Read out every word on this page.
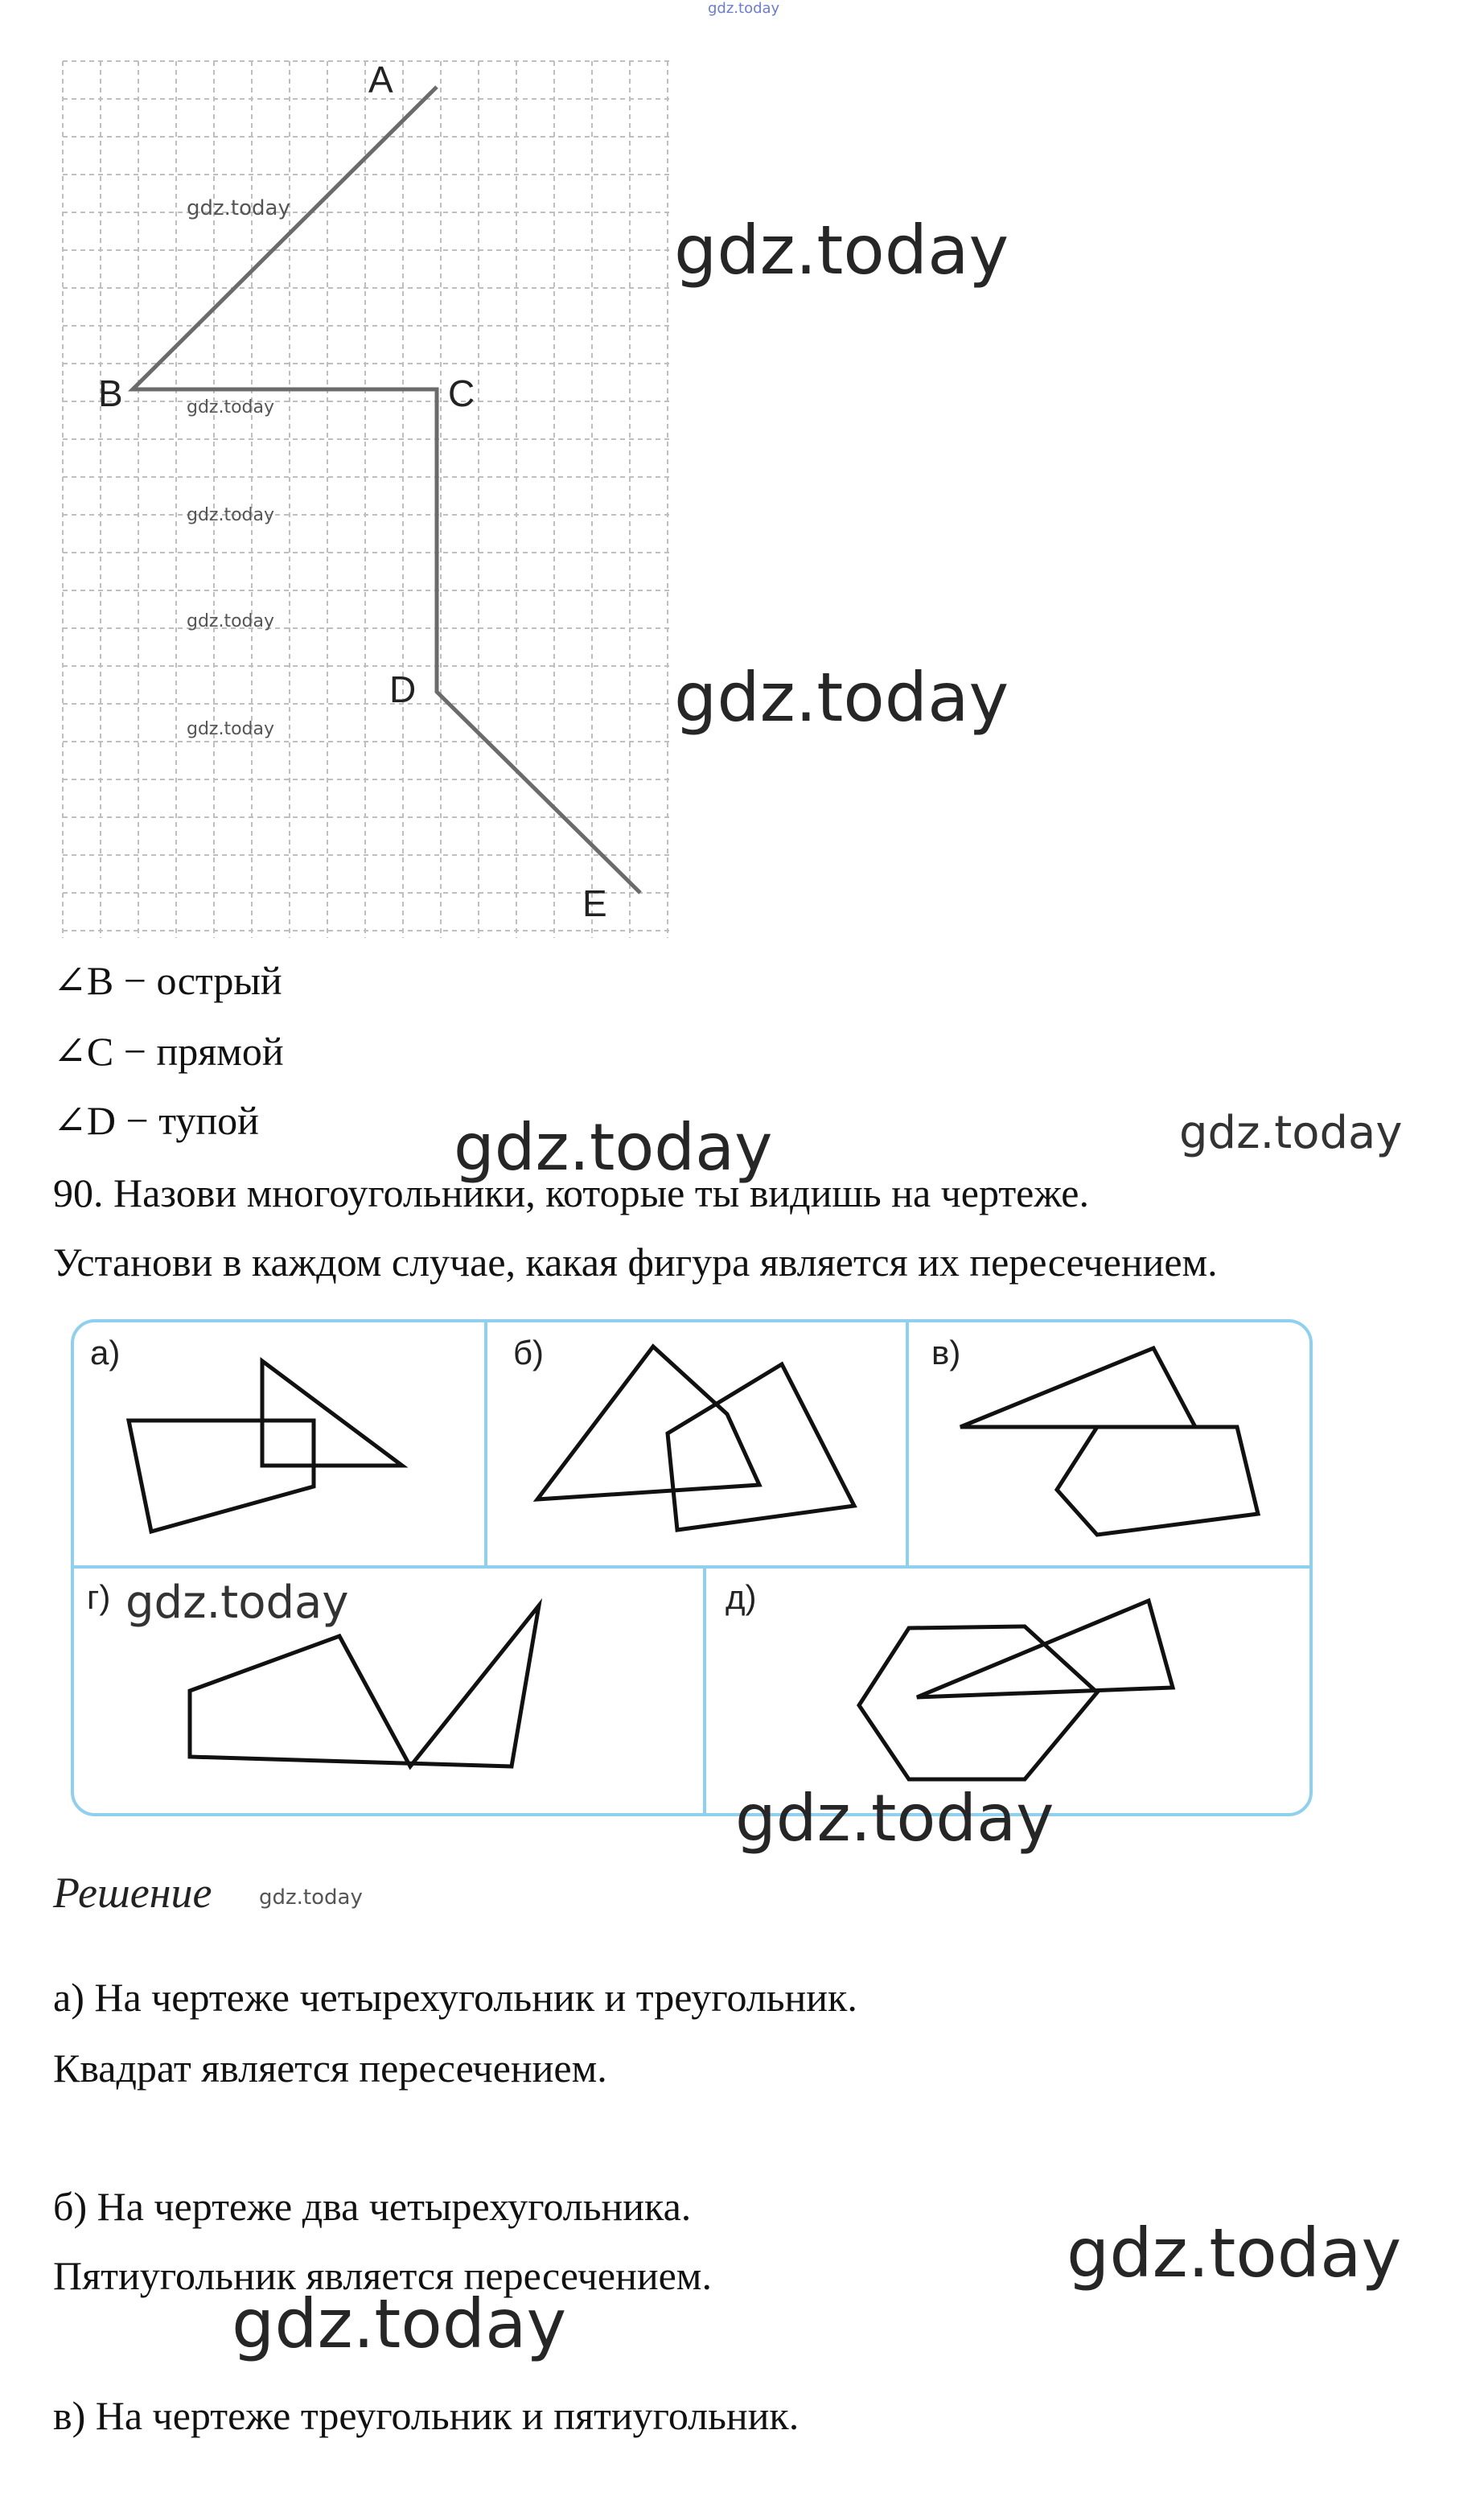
gdz.today
A
B	C
D
E
gdz.today
gdz.today
gdz.today
gdz.today
gdz.today
gdz.today
gdz.today
∠B − острый
∠C − прямой
∠D − тупой	gdz.today	gdz.today
90. Назови многоугольники, которые ты видишь на чертеже.
Установи в каждом случае, какая фигура является их пересечением.
а)	б)	в)
г)	д)
gdz.today
gdz.today
Решение gdz.today
а) На чертеже четырехугольник и треугольник.
Квадрат является пересечением.
б) На чертеже два четырехугольника.
Пятиугольник является пересечением.	gdz.today
gdz.today
в) На чертеже треугольник и пятиугольник.
